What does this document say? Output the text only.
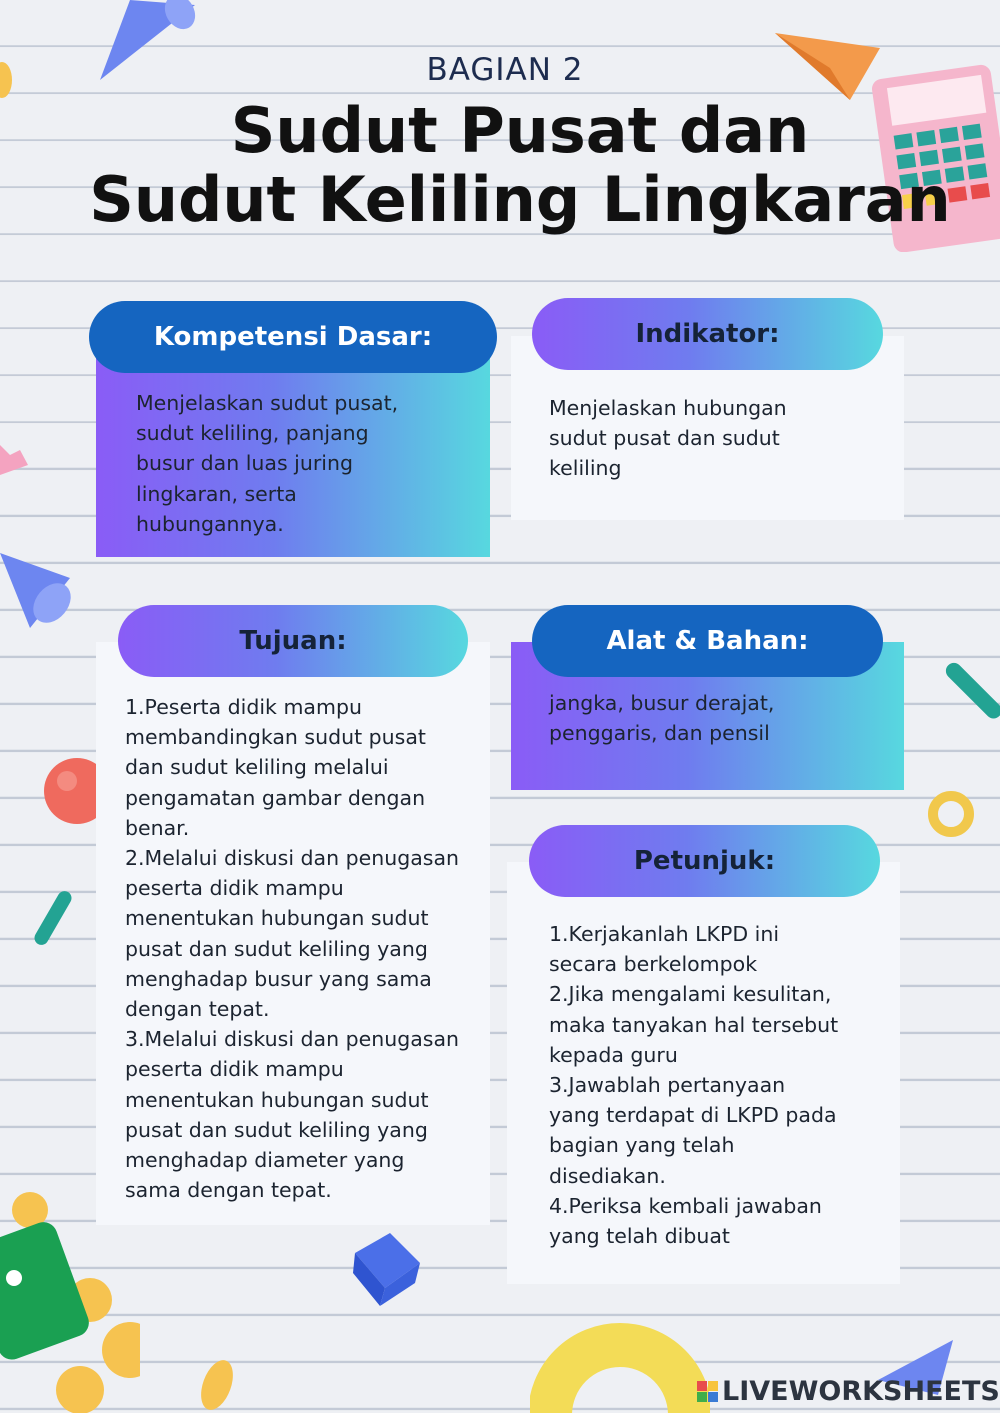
BAGIAN 2
Sudut Pusat dan
Sudut Keliling Lingkaran
Menjelaskan sudut pusat,
sudut keliling, panjang
busur dan luas juring
lingkaran, serta
hubungannya.
Kompetensi Dasar:
Menjelaskan hubungan
sudut pusat dan sudut
keliling
Indikator:
1.Peserta didik mampu
membandingkan sudut pusat
dan sudut keliling melalui
pengamatan gambar dengan
benar.
2.Melalui diskusi dan penugasan
peserta didik mampu
menentukan hubungan sudut
pusat dan sudut keliling yang
menghadap busur yang sama
dengan tepat.
3.Melalui diskusi dan penugasan
peserta didik mampu
menentukan hubungan sudut
pusat dan sudut keliling yang
menghadap diameter yang
sama dengan tepat.
Tujuan:
jangka, busur derajat,
penggaris, dan pensil
Alat & Bahan:
1.Kerjakanlah LKPD ini
secara berkelompok
2.Jika mengalami kesulitan,
maka tanyakan hal tersebut
kepada guru
3.Jawablah pertanyaan
yang terdapat di LKPD pada
bagian yang telah
disediakan.
4.Periksa kembali jawaban
yang telah dibuat
Petunjuk:
LIVEWORKSHEETS
